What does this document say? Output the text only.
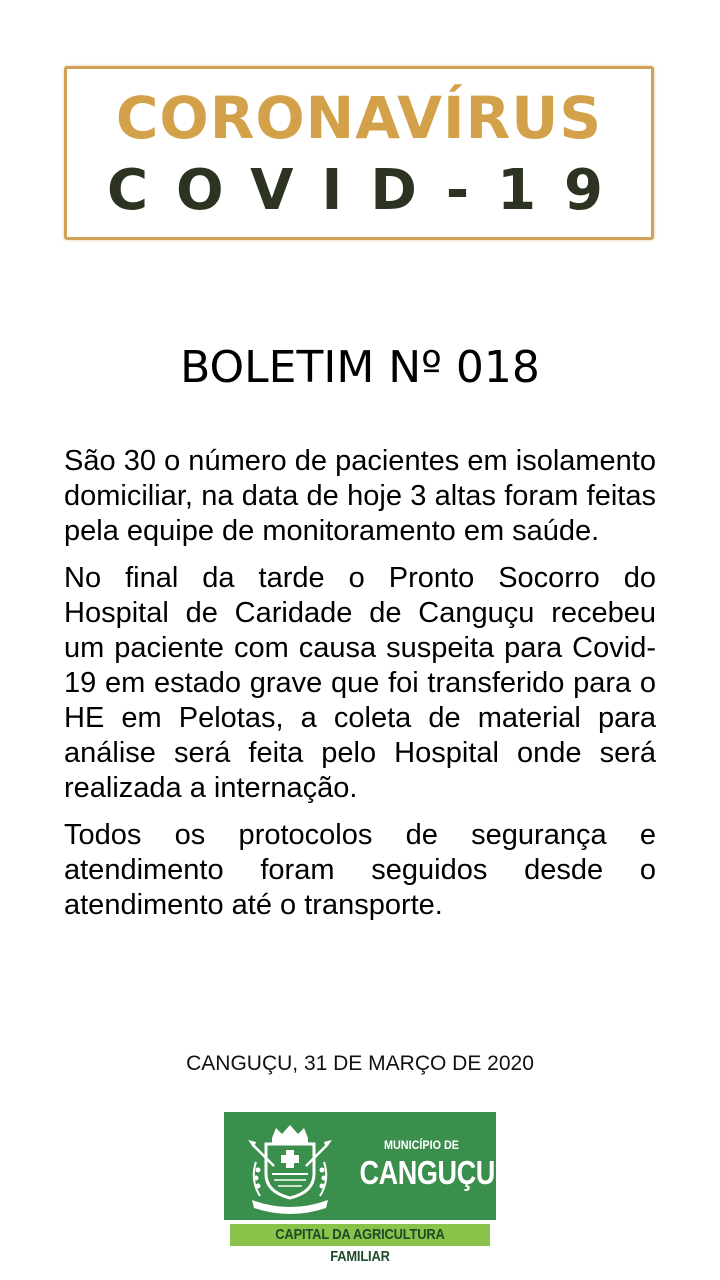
CORONAVÍRUS
COVID-19
BOLETIM Nº 018

São 30 o número de pacientes em isolamento domiciliar, na data de hoje 3 altas foram feitas pela equipe de monitoramento em saúde.

No final da tarde o Pronto Socorro do Hospital de Caridade de Canguçu recebeu um paciente com causa suspeita para Covid-19 em estado grave que foi transferido para o HE em Pelotas, a coleta de material para análise será feita pelo Hospital onde será realizada a internação.

Todos os protocolos de segurança e atendimento foram seguidos desde o atendimento até o transporte.

CANGUÇU, 31 DE MARÇO DE 2020
MUNICÍPIO DE
CANGUÇU
CAPITAL DA AGRICULTURA FAMILIAR
